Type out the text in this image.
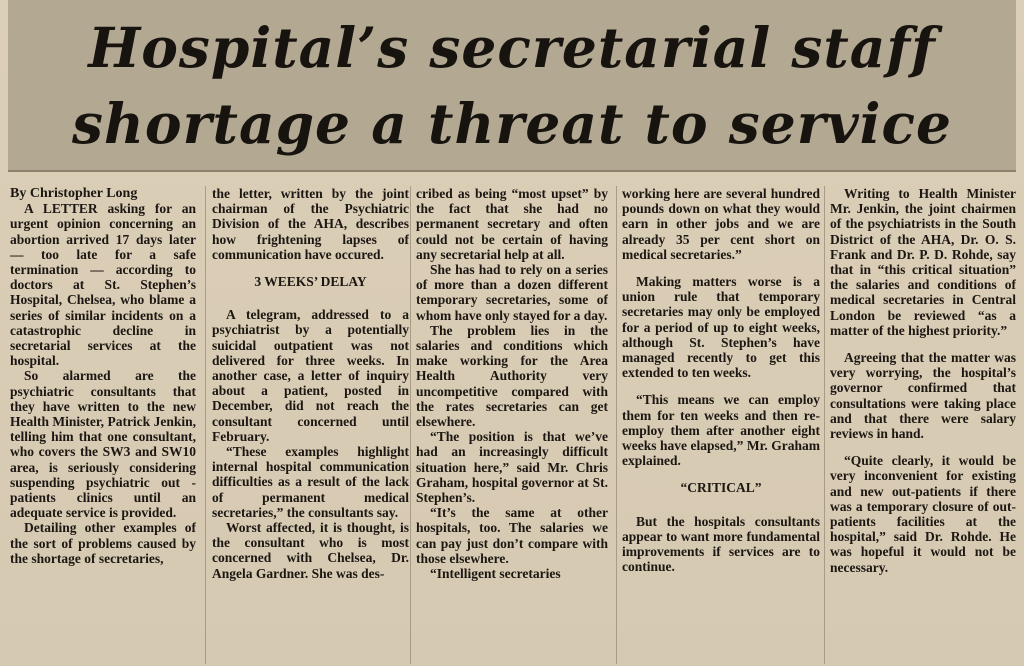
Hospital’s secretarial staff
shortage a threat to service

By Christopher Long

A LETTER asking for an urgent opinion concerning an abortion arrived 17 days later — too late for a safe termination — according to doctors at St. Stephen’s Hospital, Chelsea, who blame a series of similar incidents on a catastrophic decline in secretarial services at the hospital.

So alarmed are the psychiatric consultants that they have written to the new Health Minister, Patrick Jenkin, telling him that one consultant, who covers the SW3 and SW10 area, is seriously considering suspending psychiatric out - patients clinics until an adequate service is provided.

Detailing other examples of the sort of problems caused by the shortage of secretaries,

the letter, written by the joint chairman of the Psychiatric Division of the AHA, describes how frightening lapses of communication have occured.

3 WEEKS’ DELAY

A telegram, addressed to a psychiatrist by a potentially suicidal outpatient was not delivered for three weeks. In another case, a letter of inquiry about a patient, posted in December, did not reach the consultant concerned until February.

“These examples highlight internal hospital communication difficulties as a result of the lack of permanent medical secretaries,” the consultants say.

Worst affected, it is thought, is the consultant who is most concerned with Chelsea, Dr. Angela Gardner. She was des-

cribed as being “most upset” by the fact that she had no permanent secretary and often could not be certain of having any secretarial help at all.

She has had to rely on a series of more than a dozen different temporary secretaries, some of whom have only stayed for a day.

The problem lies in the salaries and conditions which make working for the Area Health Authority very uncompetitive compared with the rates secretaries can get elsewhere.

“The position is that we’ve had an increasingly difficult situation here,” said Mr. Chris Graham, hospital governor at St. Stephen’s.

“It’s the same at other hospitals, too. The salaries we can pay just don’t compare with those elsewhere.

“Intelligent secretaries

working here are several hundred pounds down on what they would earn in other jobs and we are already 35 per cent short on medical secretaries.”

Making matters worse is a union rule that temporary secretaries may only be employed for a period of up to eight weeks, although St. Stephen’s have managed recently to get this extended to ten weeks.

“This means we can employ them for ten weeks and then re-employ them after another eight weeks have elapsed,” Mr. Graham explained.

“CRITICAL”

But the hospitals consultants appear to want more fundamental improvements if services are to continue.

Writing to Health Minister Mr. Jenkin, the joint chairmen of the psychiatrists in the South District of the AHA, Dr. O. S. Frank and Dr. P. D. Rohde, say that in “this critical situation” the salaries and conditions of medical secretaries in Central London be reviewed “as a matter of the highest priority.”

Agreeing that the matter was very worrying, the hospital’s governor confirmed that consultations were taking place and that there were salary reviews in hand.

“Quite clearly, it would be very inconvenient for existing and new out-patients if there was a temporary closure of out-patients facilities at the hospital,” said Dr. Rohde. He was hopeful it would not be necessary.
